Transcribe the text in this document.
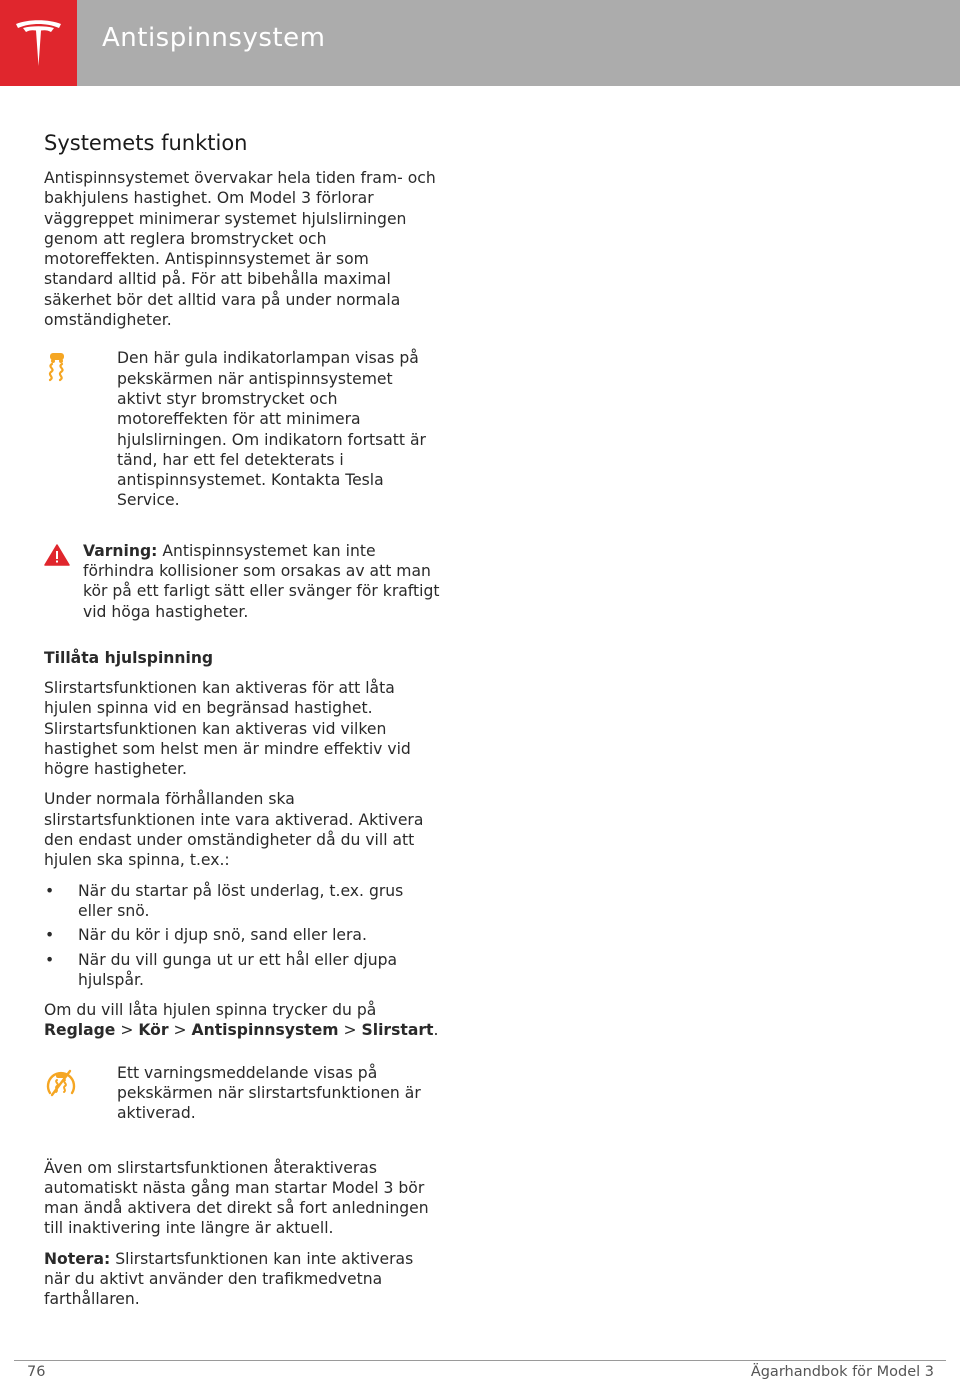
Antispinnsystem
Systemets funktion

Antispinnsystemet övervakar hela tiden fram- och bakhjulens hastighet. Om Model 3 förlorar väggreppet minimerar systemet hjulslirningen genom att reglera bromstrycket och motoreffekten. Antispinnsystemet är som standard alltid på. För att bibehålla maximal säkerhet bör det alltid vara på under normala omständigheter.

Den här gula indikatorlampan visas på pekskärmen när antispinnsystemet aktivt styr bromstrycket och motoreffekten för att minimera hjulslirningen. Om indikatorn fortsatt är tänd, har ett fel detekterats i antispinnsystemet. Kontakta Tesla Service.
Varning: Antispinnsystemet kan inte förhindra kollisioner som orsakas av att man kör på ett farligt sätt eller svänger för kraftigt vid höga hastigheter.
Tillåta hjulspinning

Slirstartsfunktionen kan aktiveras för att låta hjulen spinna vid en begränsad hastighet. Slirstartsfunktionen kan aktiveras vid vilken hastighet som helst men är mindre effektiv vid högre hastigheter.

Under normala förhållanden ska slirstartsfunktionen inte vara aktiverad. Aktivera den endast under omständigheter då du vill att hjulen ska spinna, t.ex.:

• När du startar på löst underlag, t.ex. grus eller snö.
• När du kör i djup snö, sand eller lera.
• När du vill gunga ut ur ett hål eller djupa hjulspår.

Om du vill låta hjulen spinna trycker du på
Reglage > Kör > Antispinnsystem > Slirstart.

Ett varningsmeddelande visas på pekskärmen när slirstartsfunktionen är aktiverad.

Även om slirstartsfunktionen återaktiveras automatiskt nästa gång man startar Model 3 bör man ändå aktivera det direkt så fort anledningen till inaktivering inte längre är aktuell.

Notera: Slirstartsfunktionen kan inte aktiveras när du aktivt använder den trafikmedvetna farthållaren.

76	Ägarhandbok för Model 3
